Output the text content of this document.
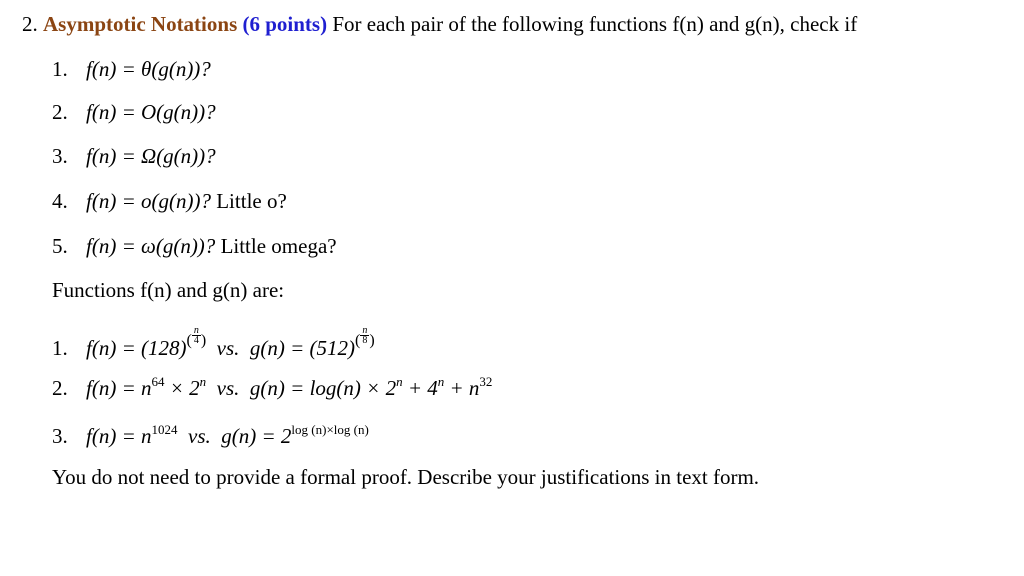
2. Asymptotic Notations (6 points) For each pair of the following functions f(n) and g(n), check if
1. f(n) = θ(g(n))?
2. f(n) = O(g(n))?
3. f(n) = Ω(g(n))?
4. f(n) = o(g(n))? Little o?
5. f(n) = ω(g(n))? Little omega?
Functions f(n) and g(n) are:
1. $f(n) = (128)^( \frac{n}{4} ^)$ vs. $g(n) = (512)^( \frac{n}{8} ^)$
2. $f(n) = n^{64} \times 2^n$ vs. $g(n) = \log(n) \times 2^n + 4^n + n^{32}$
3. $f(n) = n^{1024}$ vs. $g(n) = 2^{log (n)\times log (n)}$
You do not need to provide a formal proof. Describe your justifications in text form.
